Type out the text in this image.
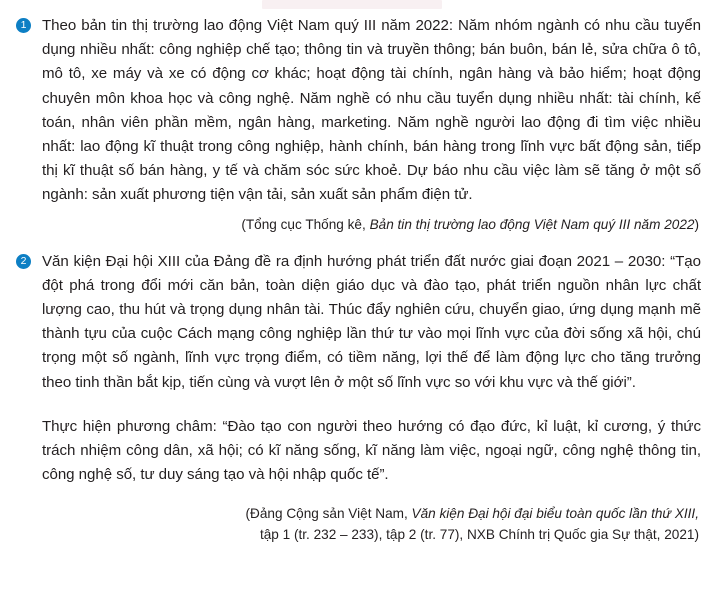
1	Theo bản tin thị trường lao động Việt Nam quý III năm 2022: Năm nhóm ngành có nhu cầu tuyển dụng nhiều nhất: công nghiệp chế tạo; thông tin và truyền thông; bán buôn, bán lẻ, sửa chữa ô tô, mô tô, xe máy và xe có động cơ khác; hoạt động tài chính, ngân hàng và bảo hiểm; hoạt động chuyên môn khoa học và công nghệ. Năm nghề có nhu cầu tuyển dụng nhiều nhất: tài chính, kế toán, nhân viên phần mềm, ngân hàng, marketing. Năm nghề người lao động đi tìm việc nhiều nhất: lao động kĩ thuật trong công nghiệp, hành chính, bán hàng trong lĩnh vực bất động sản, tiếp thị kĩ thuật số bán hàng, y tế và chăm sóc sức khoẻ. Dự báo nhu cầu việc làm sẽ tăng ở một số ngành: sản xuất phương tiện vận tải, sản xuất sản phẩm điện tử.

(Tổng cục Thống kê, Bản tin thị trường lao động Việt Nam quý III năm 2022)
2	Văn kiện Đại hội XIII của Đảng đề ra định hướng phát triển đất nước giai đoạn 2021 – 2030: “Tạo đột phá trong đổi mới căn bản, toàn diện giáo dục và đào tạo, phát triển nguồn nhân lực chất lượng cao, thu hút và trọng dụng nhân tài. Thúc đẩy nghiên cứu, chuyển giao, ứng dụng mạnh mẽ thành tựu của cuộc Cách mạng công nghiệp lần thứ tư vào mọi lĩnh vực của đời sống xã hội, chú trọng một số ngành, lĩnh vực trọng điểm, có tiềm năng, lợi thế để làm động lực cho tăng trưởng theo tinh thần bắt kịp, tiến cùng và vượt lên ở một số lĩnh vực so với khu vực và thế giới”.

Thực hiện phương châm: “Đào tạo con người theo hướng có đạo đức, kỉ luật, kỉ cương, ý thức trách nhiệm công dân, xã hội; có kĩ năng sống, kĩ năng làm việc, ngoại ngữ, công nghệ thông tin, công nghệ số, tư duy sáng tạo và hội nhập quốc tế”.

(Đảng Cộng sản Việt Nam, Văn kiện Đại hội đại biểu toàn quốc lần thứ XIII,
tập 1 (tr. 232 – 233), tập 2 (tr. 77), NXB Chính trị Quốc gia Sự thật, 2021)
